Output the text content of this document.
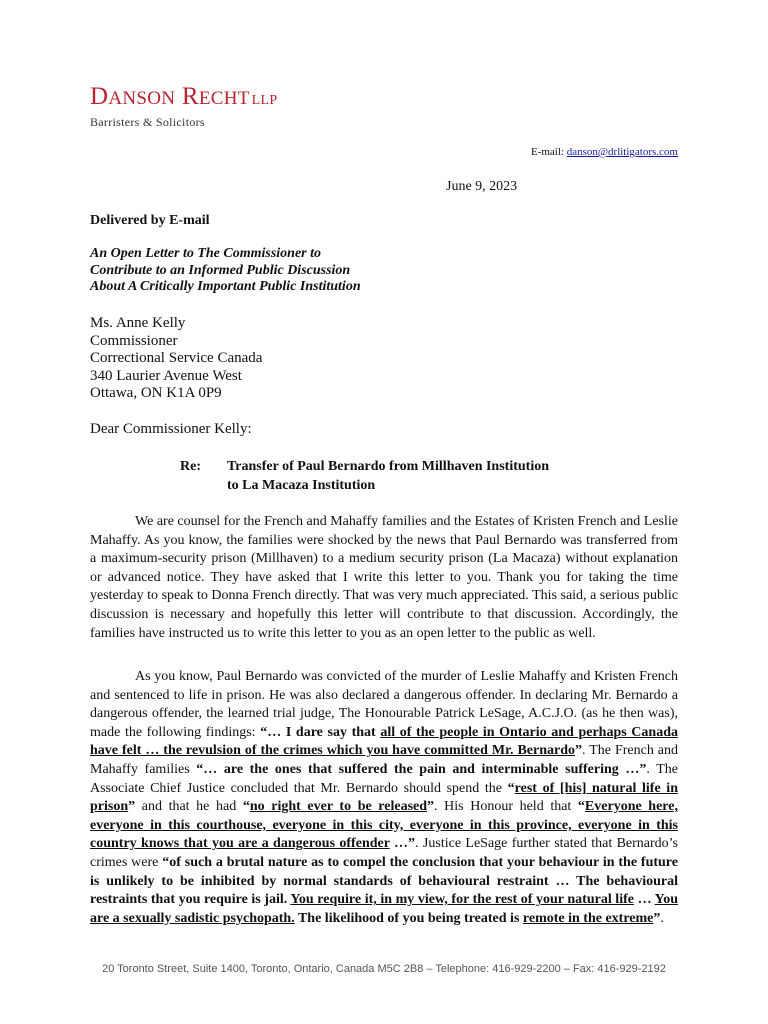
DANSON RECHT LLP
Barristers & Solicitors
E-mail: danson@drlitigators.com
June 9, 2023
Delivered by E-mail
An Open Letter to The Commissioner to
Contribute to an Informed Public Discussion
About A Critically Important Public Institution
Ms. Anne Kelly
Commissioner
Correctional Service Canada
340 Laurier Avenue West
Ottawa, ON K1A 0P9
Dear Commissioner Kelly:
Re: Transfer of Paul Bernardo from Millhaven Institution
to La Macaza Institution
We are counsel for the French and Mahaffy families and the Estates of Kristen French and Leslie Mahaffy. As you know, the families were shocked by the news that Paul Bernardo was transferred from a maximum-security prison (Millhaven) to a medium security prison (La Macaza) without explanation or advanced notice. They have asked that I write this letter to you. Thank you for taking the time yesterday to speak to Donna French directly. That was very much appreciated. This said, a serious public discussion is necessary and hopefully this letter will contribute to that discussion. Accordingly, the families have instructed us to write this letter to you as an open letter to the public as well.
As you know, Paul Bernardo was convicted of the murder of Leslie Mahaffy and Kristen French and sentenced to life in prison. He was also declared a dangerous offender. In declaring Mr. Bernardo a dangerous offender, the learned trial judge, The Honourable Patrick LeSage, A.C.J.O. (as he then was), made the following findings: “… I dare say that all of the people in Ontario and perhaps Canada have felt … the revulsion of the crimes which you have committed Mr. Bernardo”. The French and Mahaffy families “… are the ones that suffered the pain and interminable suffering …”. The Associate Chief Justice concluded that Mr. Bernardo should spend the “rest of [his] natural life in prison” and that he had “no right ever to be released”. His Honour held that “Everyone here, everyone in this courthouse, everyone in this city, everyone in this province, everyone in this country knows that you are a dangerous offender …”. Justice LeSage further stated that Bernardo’s crimes were “of such a brutal nature as to compel the conclusion that your behaviour in the future is unlikely to be inhibited by normal standards of behavioural restraint … The behavioural restraints that you require is jail. You require it, in my view, for the rest of your natural life … You are a sexually sadistic psychopath. The likelihood of you being treated is remote in the extreme”.
20 Toronto Street, Suite 1400, Toronto, Ontario, Canada M5C 2B8 – Telephone: 416-929-2200 – Fax: 416-929-2192
